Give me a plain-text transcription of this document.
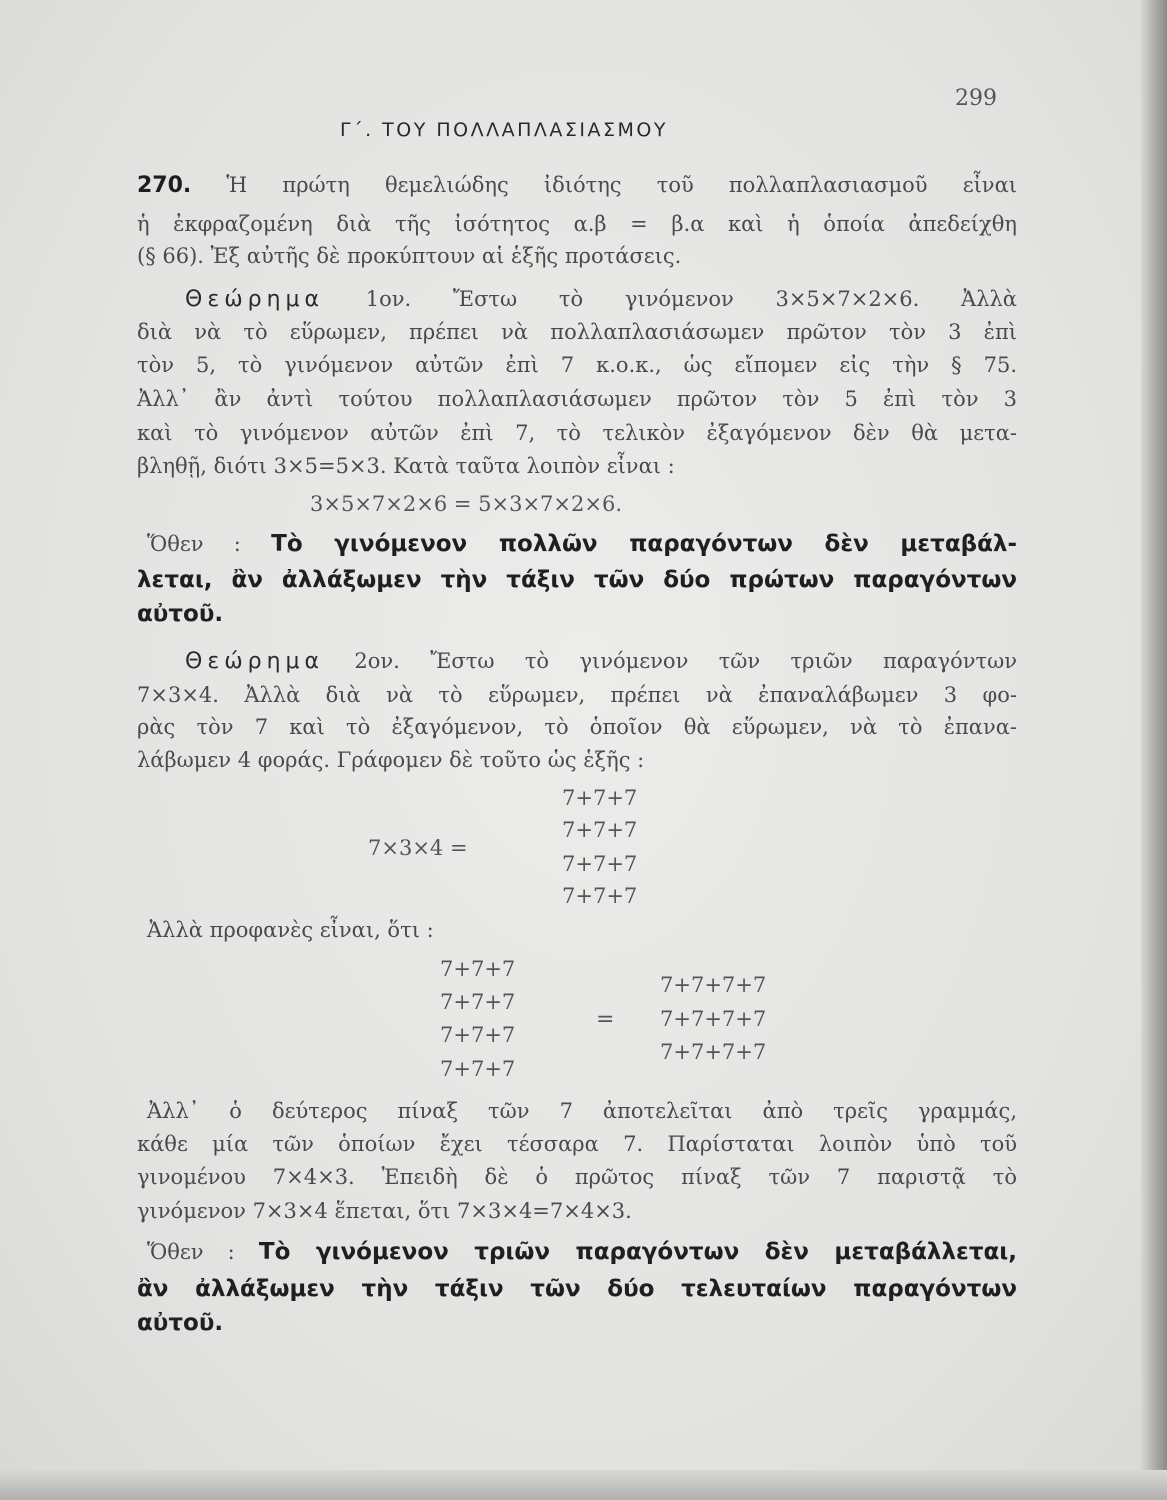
299
Γ΄. ΤΟΥ ΠΟΛΛΑΠΛΑΣΙΑΣΜΟΥ
270. Ἡ πρώτη θεμελιώδης ἰδιότης τοῦ πολλαπλασιασμοῦ εἶναι
ἡ ἐκφραζομένη διὰ τῆς ἰσότητος α.β = β.α καὶ ἡ ὁποία ἀπεδείχθη
(§ 66). Ἐξ αὐτῆς δὲ προκύπτουν αἱ ἑξῆς προτάσεις.
Θεώρημα 1ον. Ἔστω τὸ γινόμενον 3×5×7×2×6. Ἀλλὰ
διὰ νὰ τὸ εὕρωμεν, πρέπει νὰ πολλαπλασιάσωμεν πρῶτον τὸν 3 ἐπὶ
τὸν 5, τὸ γινόμενον αὐτῶν ἐπὶ 7 κ.ο.κ., ὡς εἴπομεν εἰς τὴν § 75.
Ἀλλ᾽ ἂν ἀντὶ τούτου πολλαπλασιάσωμεν πρῶτον τὸν 5 ἐπὶ τὸν 3
καὶ τὸ γινόμενον αὐτῶν ἐπὶ 7, τὸ τελικὸν ἐξαγόμενον δὲν θὰ μετα-
βληθῇ, διότι 3×5=5×3. Κατὰ ταῦτα λοιπὸν εἶναι :
3×5×7×2×6 = 5×3×7×2×6.
Ὅθεν : Τὸ γινόμενον πολλῶν παραγόντων δὲν μεταβάλ-
λεται, ἂν ἀλλάξωμεν τὴν τάξιν τῶν δύο πρώτων παραγόντων
αὐτοῦ.
Θεώρημα 2ον. Ἔστω τὸ γινόμενον τῶν τριῶν παραγόντων
7×3×4. Ἀλλὰ διὰ νὰ τὸ εὕρωμεν, πρέπει νὰ ἐπαναλάβωμεν 3 φο-
ρὰς τὸν 7 καὶ τὸ ἐξαγόμενον, τὸ ὁποῖον θὰ εὕρωμεν, νὰ τὸ ἐπανα-
λάβωμεν 4 φοράς. Γράφομεν δὲ τοῦτο ὡς ἑξῆς :
7×3×4 =
7+7+7
7+7+7
7+7+7
7+7+7
Ἀλλὰ προφανὲς εἶναι, ὅτι :
7+7+7
7+7+7
7+7+7
7+7+7
=
7+7+7+7
7+7+7+7
7+7+7+7
Ἀλλ᾽ ὁ δεύτερος πίναξ τῶν 7 ἀποτελεῖται ἀπὸ τρεῖς γραμμάς,
κάθε μία τῶν ὁποίων ἔχει τέσσαρα 7. Παρίσταται λοιπὸν ὑπὸ τοῦ
γινομένου 7×4×3. Ἐπειδὴ δὲ ὁ πρῶτος πίναξ τῶν 7 παριστᾷ τὸ
γινόμενον 7×3×4 ἕπεται, ὅτι 7×3×4=7×4×3.
Ὅθεν : Τὸ γινόμενον τριῶν παραγόντων δὲν μεταβάλλεται,
ἂν ἀλλάξωμεν τὴν τάξιν τῶν δύο τελευταίων παραγόντων
αὐτοῦ.
